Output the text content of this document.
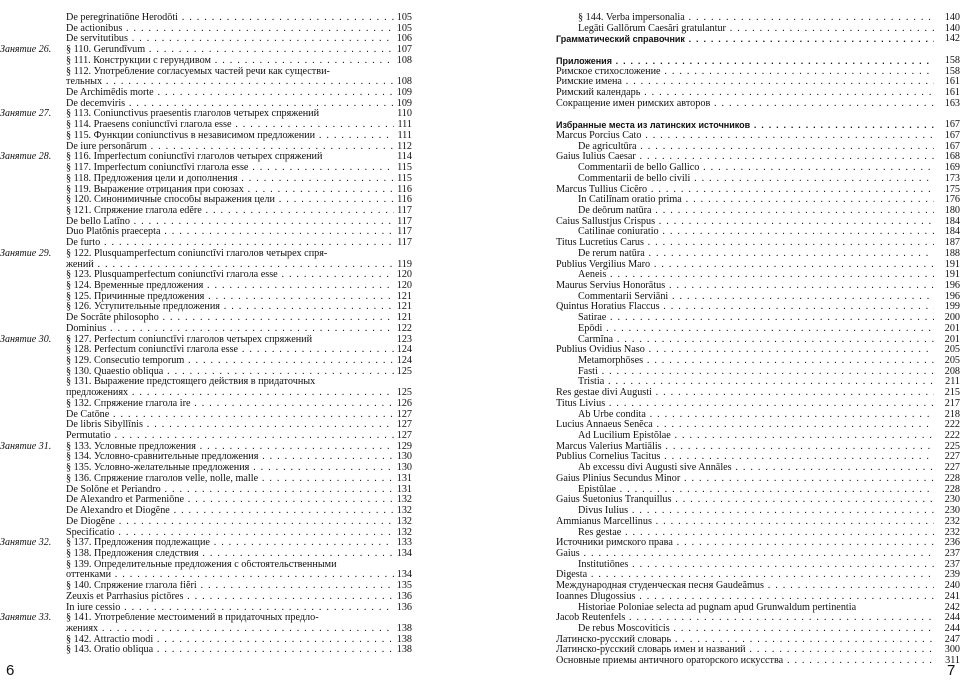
De peregrinatiōne Herodōti . . .	105
De actionibus . . .	105
De servitutibus . . .	106
Занятие 26. § 110. Gerundīvum . . .	107
§ 111. Конструкции с герундивом . . .	108
§ 112. Употребление согласуемых частей речи как существи-
тельных . . .	108
De Archimēdis morte . . .	109
De decemviris . . .	109
Занятие 27. § 113. Coniunctivus praesentis глаголов четырех спряжений	110
§ 114. Praesens coniunctīvi глагола esse . . .	111
§ 115. Функции coniunctivus в независимом предложении . . .	111
De iure personārum . . .	112
Занятие 28. § 116. Imperfectum coniunctīvi глаголов четырех спряжений	114
§ 117. Imperfectum coniunctīvi глагола esse . . .	115
§ 118. Предложения цели и дополнения . . .	115
§ 119. Выражение отрицания при союзах . . .	116
§ 120. Синонимичные способы выражения цели . . .	116
§ 121. Спряжение глагола edĕre . . .	117
De bello Latīno . . .	117
Duo Platōnis praecepta . . .	117
De furto . . .	117
Занятие 29. § 122. Plusquamperfectum coniunctīvi глаголов четырех спря-
жений . . .	119
§ 123. Plusquamperfectum coniunctīvi глагола esse . . .	120
§ 124. Временные предложения . . .	120
§ 125. Причинные предложения . . .	121
§ 126. Уступительные предложения . . .	121
De Socrăte philosopho . . .	121
Dominius . . .	122
Занятие 30. § 127. Perfectum coniunctīvi глаголов четырех спряжений	123
§ 128. Perfectum coniunctīvi глагола esse . . .	124
§ 129. Consecutio temporum . . .	124
§ 130. Quaestio obliqua . . .	125
§ 131. Выражение предстоящего действия в придаточных
предложениях . . .	125
§ 132. Спряжение глагола ire . . .	126
De Catōne . . .	127
De libris Sibyllīnis . . .	127
Permutatio . . .	127
Занятие 31. § 133. Условные предложения . . .	129
§ 134. Условно-сравнительные предложения . . .	130
§ 135. Условно-желательные предложения . . .	130
§ 136. Спряжение глаголов velle, nolle, malle . . .	131
De Solōne et Periandro . . .	131
De Alexandro et Parmeniōne . . .	132
De Alexandro et Diogĕne . . .	132
De Diogĕne . . .	132
Specificatio . . .	132
Занятие 32. § 137. Предложения подлежащие . . .	133
§ 138. Предложения следствия . . .	134
§ 139. Определительные предложения с обстоятельственными
оттенками . . .	134
§ 140. Спряжение глагола fiĕri . . .	135
Zeuxis et Parrhasius pictōres . . .	136
In iure cessio . . .	136
Занятие 33. § 141. Употребление местоимений в придаточных предло-
жениях . . .	138
§ 142. Attractio modi . . .	138
§ 143. Oratio obliqua . . .	138
6
§ 144. Verba impersonalia . . .	140
Legāti Gallōrum Caesări gratulantur . . .	140
Грамматический справочник . . .	142
Приложения . . .	158
Римское стихосложение . . .	158
Римские имена . . .	161
Римский календарь . . .	161
Сокращение имен римских авторов . . .	163
Избранные места из латинских источников . . .	167
Marcus Porcius Cato . . .	167
De agricultūra . . .	167
Gaius Iulius Caesar . . .	168
Commentarii de bello Gallico . . .	169
Commentarii de bello civili . . .	173
Marcus Tullius Cicĕro . . .	175
In Catilīnam oratio prima . . .	176
De deōrum natūra . . .	180
Caius Sallustjus Crispus . . .	184
Catilinae coniuratio . . .	184
Titus Lucretius Carus . . .	187
De rerum natūra . . .	188
Publius Vergilius Maro . . .	191
Aeneis . . .	191
Maurus Servius Honorātus . . .	196
Commentarii Serviāni . . .	196
Quintus Horatius Flaccus . . .	199
Satirae . . .	200
Epōdi . . .	201
Carmĭna . . .	201
Publius Ovidius Naso . . .	205
Metamorphōses . . .	205
Fasti . . .	208
Tristia . . .	211
Res gestae divi Augusti . . .	215
Titus Livius . . .	217
Ab Urbe condita . . .	218
Lucius Annaeus Sеnĕca . . .	222
Ad Lucilium Epistŏlae . . .	222
Marcus Valerius Martiālis . . .	225
Publius Cornelius Tacitus . . .	227
Ab excessu divi Augusti sive Annāles . . .	227
Gaius Plinius Secundus Minor . . .	228
Epistŭlae . . .	228
Gaius Suetonius Tranquillus . . .	230
Divus Iulius . . .	230
Ammianus Marcellinus . . .	232
Res gestae . . .	232
Источники римского права . . .	236
Gaius . . .	237
Institutiōnes . . .	237
Digesta . . .	239
Международная студенческая песня Gaudeămus . . .	240
Ioannes Dlugossius . . .	241
Historiae Poloniae selecta ad pugnam apud Grunwaldum pertinentia	242
Jacob Reutenfels . . .	244
De rebus Moscoviticis . . .	244
Латинско-русский словарь . . .	247
Латинско-русский словарь имен и названий . . .	300
Основные приемы античного ораторского искусства . . .	311
7
